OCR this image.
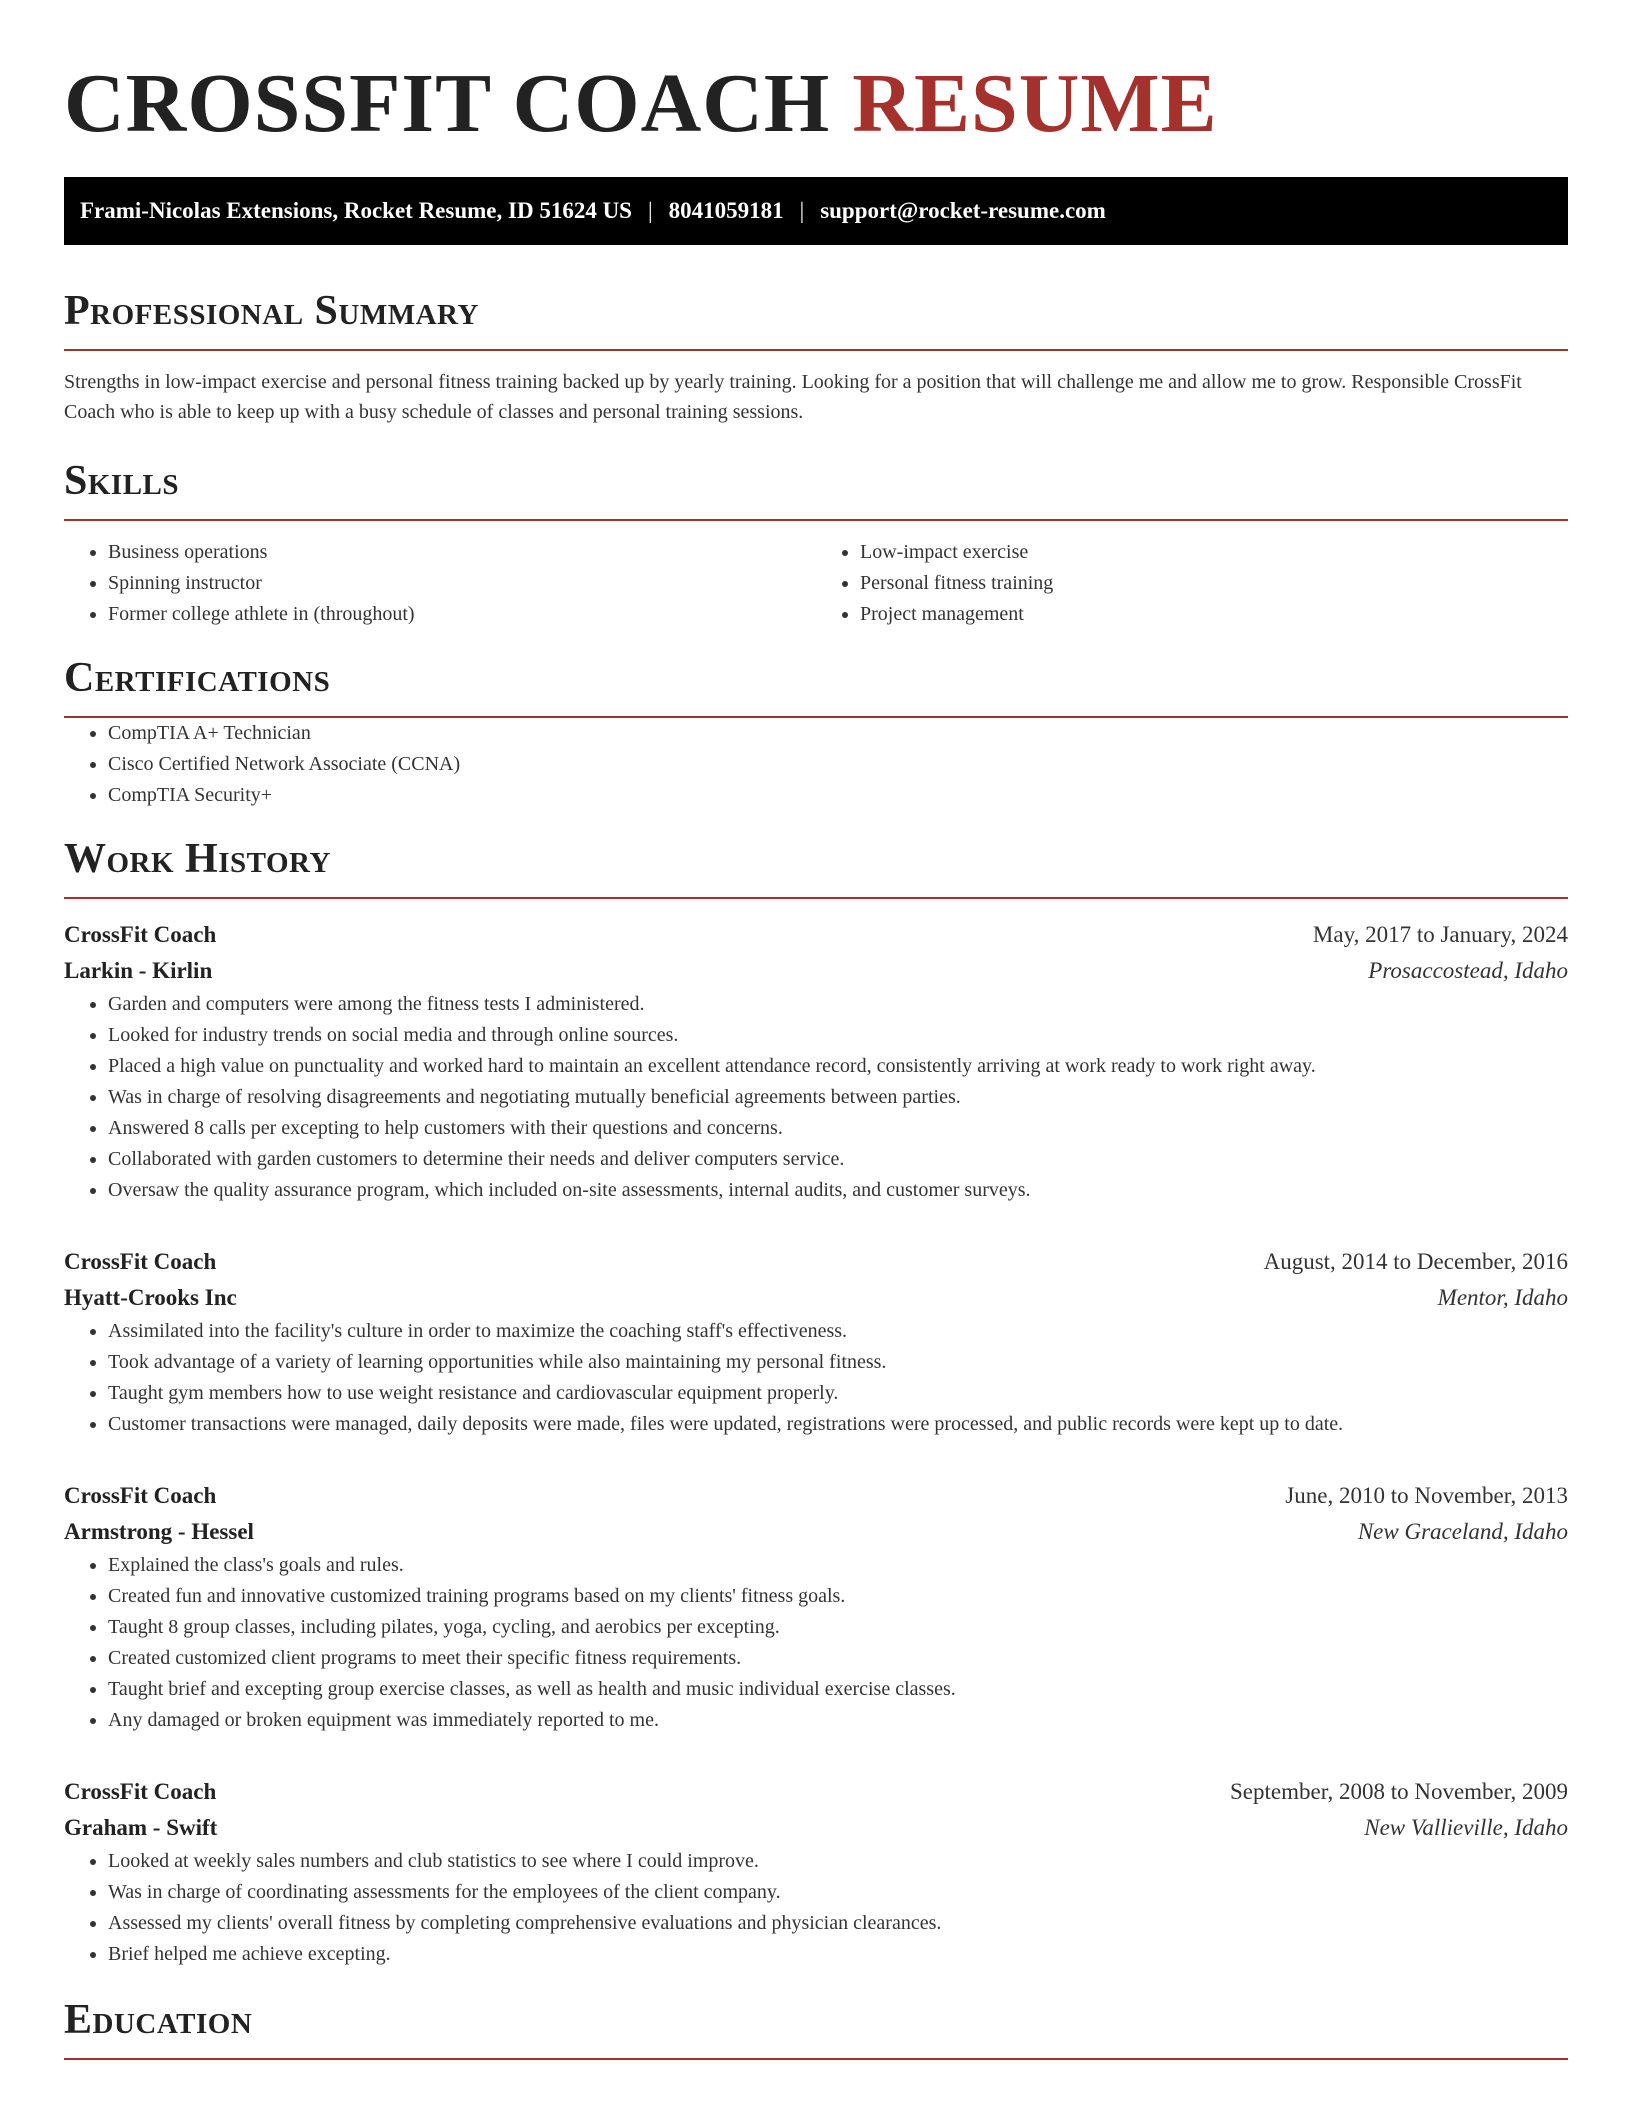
CROSSFIT COACH RESUME
Frami-Nicolas Extensions, Rocket Resume, ID 51624 US | 8041059181 | support@rocket-resume.com
Professional Summary

Strengths in low-impact exercise and personal fitness training backed up by yearly training. Looking for a position that will challenge me and allow me to grow. Responsible CrossFit Coach who is able to keep up with a busy schedule of classes and personal training sessions.

Skills
• Business operations
• Spinning instructor
• Former college athlete in (throughout)
• Low-impact exercise
• Personal fitness training
• Project management
Certifications
• CompTIA A+ Technician
• Cisco Certified Network Associate (CCNA)
• CompTIA Security+
Work History
CrossFit Coach	May, 2017 to January, 2024
Larkin - Kirlin	Prosaccostead, Idaho
• Garden and computers were among the fitness tests I administered.
• Looked for industry trends on social media and through online sources.
• Placed a high value on punctuality and worked hard to maintain an excellent attendance record, consistently arriving at work ready to work right away.
• Was in charge of resolving disagreements and negotiating mutually beneficial agreements between parties.
• Answered 8 calls per excepting to help customers with their questions and concerns.
• Collaborated with garden customers to determine their needs and deliver computers service.
• Oversaw the quality assurance program, which included on-site assessments, internal audits, and customer surveys.
CrossFit Coach	August, 2014 to December, 2016
Hyatt-Crooks Inc	Mentor, Idaho
• Assimilated into the facility's culture in order to maximize the coaching staff's effectiveness.
• Took advantage of a variety of learning opportunities while also maintaining my personal fitness.
• Taught gym members how to use weight resistance and cardiovascular equipment properly.
• Customer transactions were managed, daily deposits were made, files were updated, registrations were processed, and public records were kept up to date.
CrossFit Coach	June, 2010 to November, 2013
Armstrong - Hessel	New Graceland, Idaho
• Explained the class's goals and rules.
• Created fun and innovative customized training programs based on my clients' fitness goals.
• Taught 8 group classes, including pilates, yoga, cycling, and aerobics per excepting.
• Created customized client programs to meet their specific fitness requirements.
• Taught brief and excepting group exercise classes, as well as health and music individual exercise classes.
• Any damaged or broken equipment was immediately reported to me.
CrossFit Coach	September, 2008 to November, 2009
Graham - Swift	New Vallieville, Idaho
• Looked at weekly sales numbers and club statistics to see where I could improve.
• Was in charge of coordinating assessments for the employees of the client company.
• Assessed my clients' overall fitness by completing comprehensive evaluations and physician clearances.
• Brief helped me achieve excepting.
Education
